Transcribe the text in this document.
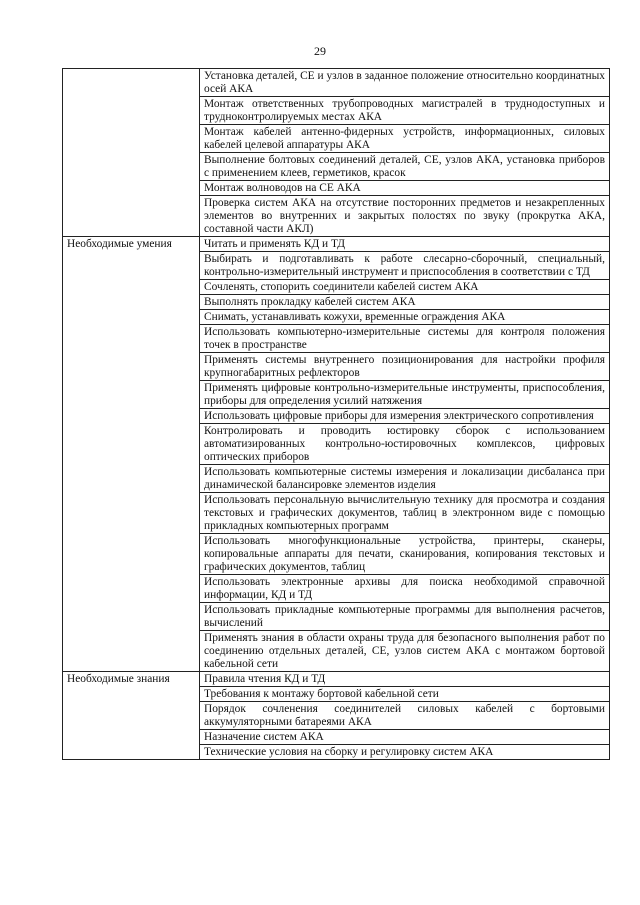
29
	Установка деталей, СЕ и узлов в заданное положение относительно координатных осей АКА
	Монтаж ответственных трубопроводных магистралей в труднодоступных и трудноконтролируемых местах АКА
	Монтаж кабелей антенно-фидерных устройств, информационных, силовых кабелей целевой аппаратуры АКА
	Выполнение болтовых соединений деталей, СЕ, узлов АКА, установка приборов с применением клеев, герметиков, красок
	Монтаж волноводов на СЕ АКА
	Проверка систем АКА на отсутствие посторонних предметов и незакрепленных элементов во внутренних и закрытых полостях по звуку (прокрутка АКА, составной части АКЛ)
Необходимые умения	Читать и применять КД и ТД
	Выбирать и подготавливать к работе слесарно-сборочный, специальный, контрольно-измерительный инструмент и приспособления в соответствии с ТД
	Сочленять, стопорить соединители кабелей систем АКА
	Выполнять прокладку кабелей систем АКА
	Снимать, устанавливать кожухи, временные ограждения АКА
	Использовать компьютерно-измерительные системы для контроля положения точек в пространстве
	Применять системы внутреннего позиционирования для настройки профиля крупногабаритных рефлекторов
	Применять цифровые контрольно-измерительные инструменты, приспособления, приборы для определения усилий натяжения
	Использовать цифровые приборы для измерения электрического сопротивления
	Контролировать и проводить юстировку сборок с использованием автоматизированных контрольно-юстировочных комплексов, цифровых оптических приборов
	Использовать компьютерные системы измерения и локализации дисбаланса при динамической балансировке элементов изделия
	Использовать персональную вычислительную технику для просмотра и создания текстовых и графических документов, таблиц в электронном виде с помощью прикладных компьютерных программ
	Использовать многофункциональные устройства, принтеры, сканеры, копировальные аппараты для печати, сканирования, копирования текстовых и графических документов, таблиц
	Использовать электронные архивы для поиска необходимой справочной информации, КД и ТД
	Использовать прикладные компьютерные программы для выполнения расчетов, вычислений
	Применять знания в области охраны труда для безопасного выполнения работ по соединению отдельных деталей, СЕ, узлов систем АКА с монтажом бортовой кабельной сети
Необходимые знания	Правила чтения КД и ТД
	Требования к монтажу бортовой кабельной сети
	Порядок сочленения соединителей силовых кабелей с бортовыми аккумуляторными батареями АКА
	Назначение систем АКА
	Технические условия на сборку и регулировку систем АКА
